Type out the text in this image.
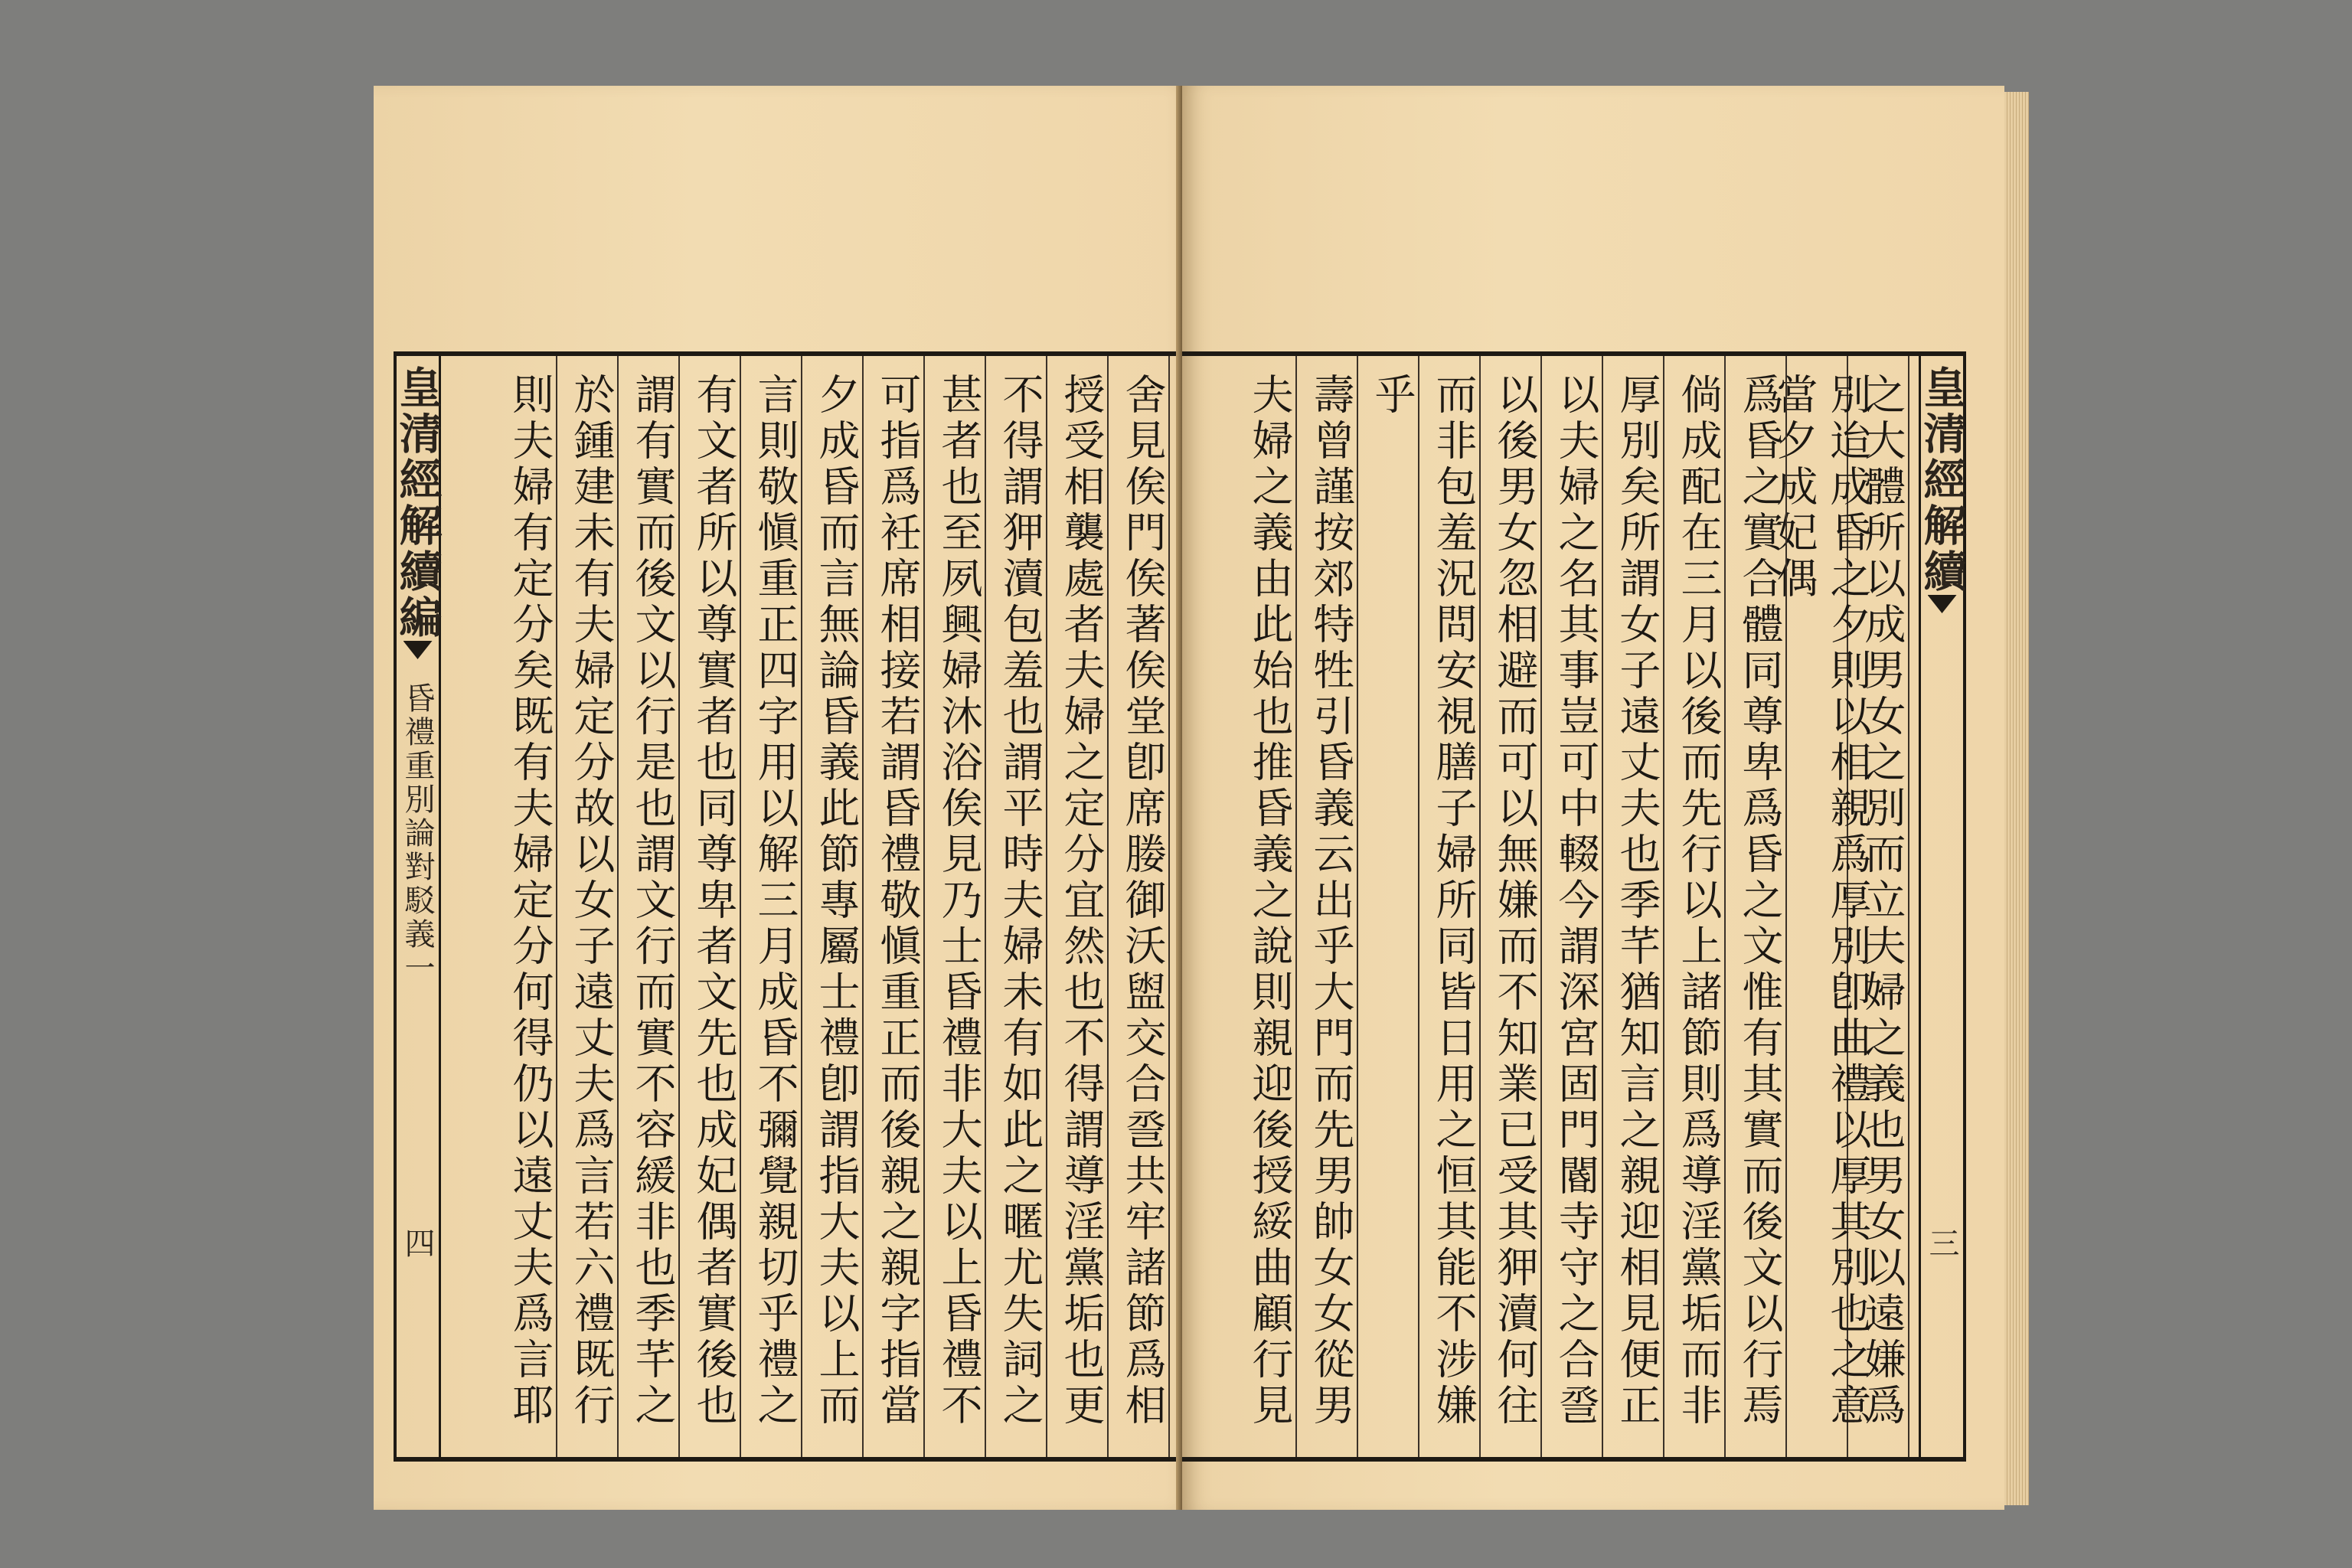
舍見俟門俟著俟堂卽席媵御沃盥交合巹共牢諸節爲相
授受相襲處者夫婦之定分宜然也不得謂導淫黨垢也更
不得謂狎瀆包羞也謂平時夫婦未有如此之暱尤失詞之
甚者也至夙興婦沐浴俟見乃士昏禮非大夫以上昏禮不
可指爲衽席相接若謂昏禮敬愼重正而後親之親字指當
夕成昏而言無論昏義此節專屬士禮卽謂指大夫以上而
言則敬愼重正四字用以解三月成昏不彌覺親切乎禮之
有文者所以尊實者也同尊卑者文先也成妃偶者實後也
謂有實而後文以行是也謂文行而實不容緩非也季芊之
於鍾建未有夫婦定分故以女子遠丈夫爲言若六禮既行
則夫婦有定分矣既有夫婦定分何得仍以遠丈夫爲言耶
皇清經解續編
昏禮重別論對駁義一
四	之大體所以成男女之別而立夫婦之義也男女以遠嫌爲
別迨成昏之夕則以相親爲厚別卽曲禮以厚其別也之意當夕成妃偶
爲昏之實合體同尊卑爲昏之文惟有其實而後文以行焉
倘成配在三月以後而先行以上諸節則爲導淫黨垢而非
厚別矣所謂女子遠丈夫也季芊猶知言之親迎相見便正
以夫婦之名其事豈可中輟今謂深宮固門閽寺守之合巹
以後男女忽相避而可以無嫌而不知業已受其狎瀆何往
而非包羞況問安視膳子婦所同皆日用之恒其能不涉嫌
乎
壽曾謹按郊特牲引昏義云出乎大門而先男帥女女從男
夫婦之義由此始也推昏義之說則親迎後授綏曲顧行見	皇清經解續
三
